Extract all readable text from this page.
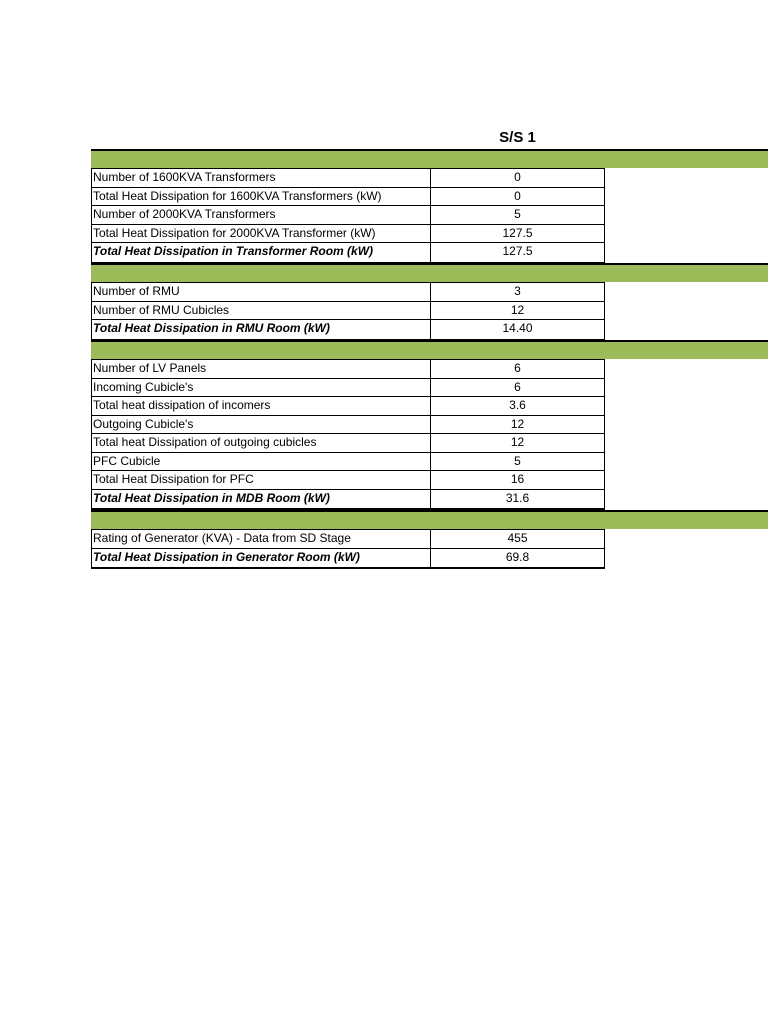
S/S 1
Number of 1600KVA Transformers	0
Total Heat Dissipation for 1600KVA Transformers (kW)	0
Number of 2000KVA Transformers	5
Total Heat Dissipation for 2000KVA Transformer (kW)	127.5
Total Heat Dissipation in Transformer Room (kW)	127.5
Number of RMU	3
Number of RMU Cubicles	12
Total Heat Dissipation in RMU Room (kW)	14.40
Number of LV Panels	6
Incoming Cubicle's	6
Total heat dissipation of incomers	3.6
Outgoing Cubicle's	12
Total heat Dissipation of outgoing cubicles	12
PFC Cubicle	5
Total Heat Dissipation for PFC	16
Total Heat Dissipation in MDB Room (kW)	31.6
Rating of Generator (KVA) - Data from SD Stage	455
Total Heat Dissipation in Generator Room (kW)	69.8
